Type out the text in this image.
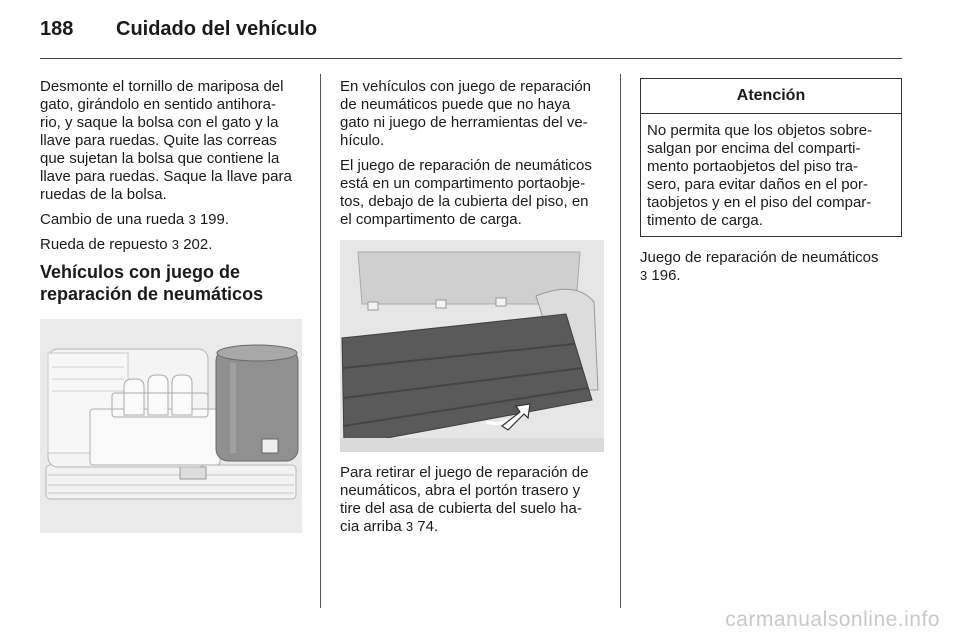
188 Cuidado del vehículo

Desmonte el tornillo de mariposa del
gato, girándolo en sentido antihora-
rio, y saque la bolsa con el gato y la
llave para ruedas. Quite las correas
que sujetan la bolsa que contiene la
llave para ruedas. Saque la llave para
ruedas de la bolsa.

Cambio de una rueda 3 199.

Rueda de repuesto 3 202.

Vehículos con juego de
reparación de neumáticos

En vehículos con juego de reparación
de neumáticos puede que no haya
gato ni juego de herramientas del ve-
hículo.

El juego de reparación de neumáticos
está en un compartimento portaobje-
tos, debajo de la cubierta del piso, en
el compartimento de carga.

Para retirar el juego de reparación de
neumáticos, abra el portón trasero y
tire del asa de cubierta del suelo ha-
cia arriba 3 74.

Atención
No permita que los objetos sobre-
salgan por encima del comparti-
mento portaobjetos del piso tra-
sero, para evitar daños en el por-
taobjetos y en el piso del compar-
timento de carga.

Juego de reparación de neumáticos
3 196.

carmanualsonline.info
